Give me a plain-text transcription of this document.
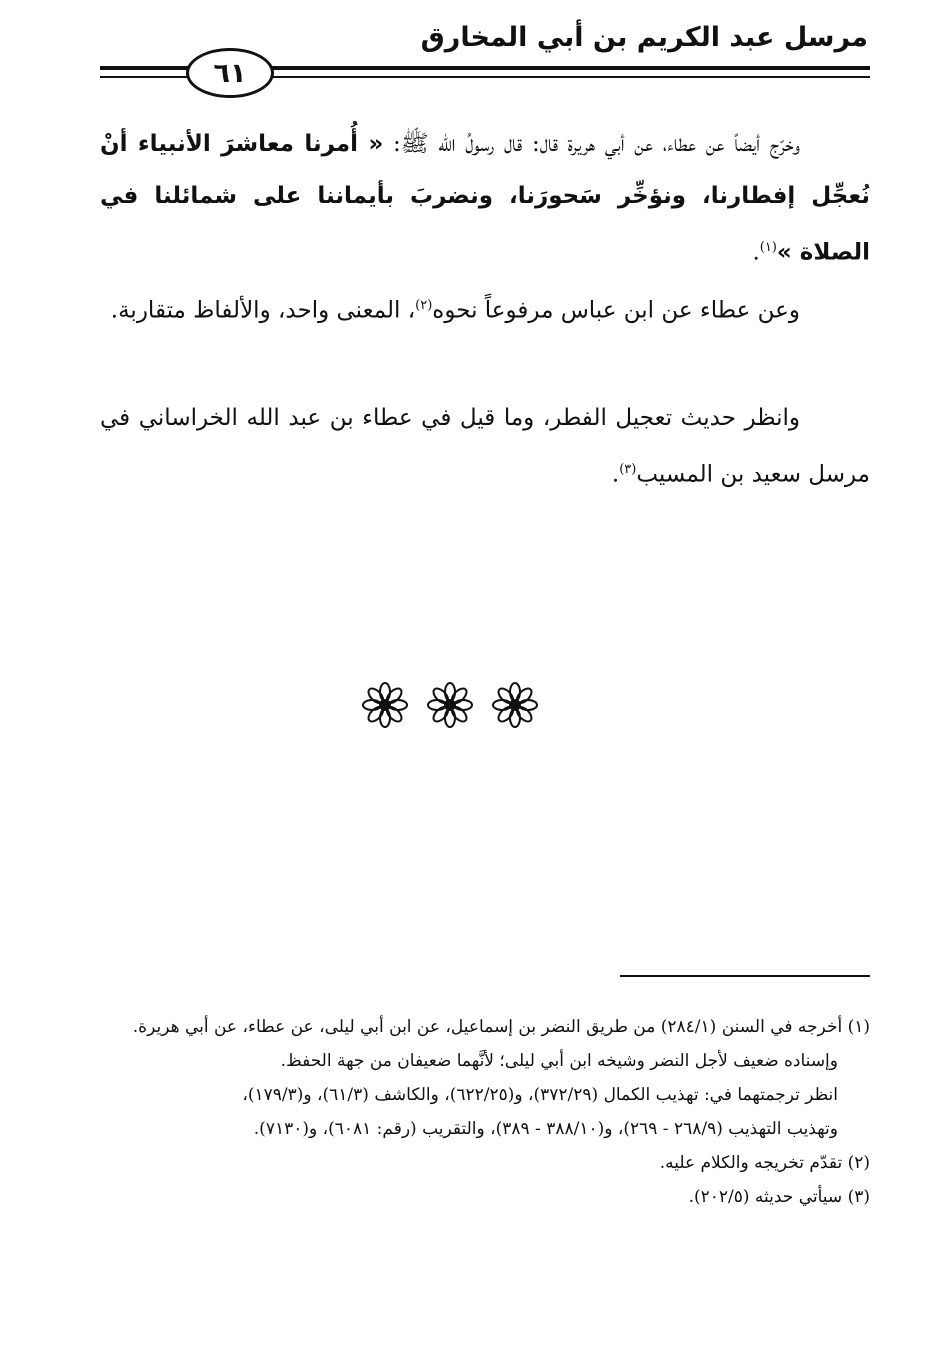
مرسل عبد الكريم بن أبي المخارق
٦١

وخرّج أيضاً عن عطاء، عن أبي هريرة قال: قال رسولُ الله ﷺ: « أُمرنا معاشرَ الأنبياء أنْ نُعجِّل إفطارنا، ونؤخِّر سَحورَنا، ونضربَ بأيماننا على شمائلنا في الصلاة »$^{(١)}$.

وعن عطاء عن ابن عباس مرفوعاً نحوه$^{(٢)}$، المعنى واحد، والألفاظ متقاربة.

وانظر حديث تعجيل الفطر، وما قيل في عطاء بن عبد الله الخراساني في مرسل سعيد بن المسيب$^{(٣)}$.

(١) أخرجه في السنن (٢٨٤/١) من طريق النضر بن إسماعيل، عن ابن أبي ليلى، عن عطاء، عن أبي هريرة.

وإسناده ضعيف لأجل النضر وشيخه ابن أبي ليلى؛ لأنَّهما ضعيفان من جهة الحفظ.

انظر ترجمتهما في: تهذيب الكمال (٣٧٢/٢٩)، و(٦٢٢/٢٥)، والكاشف (٦١/٣)، و(١٧٩/٣)،

وتهذيب التهذيب (٢٦٨/٩ - ٢٦٩)، و(٣٨٨/١٠ - ٣٨٩)، والتقريب (رقم: ٦٠٨١)، و(٧١٣٠).

(٢) تقدّم تخريجه والكلام عليه.

(٣) سيأتي حديثه (٢٠٢/٥).
